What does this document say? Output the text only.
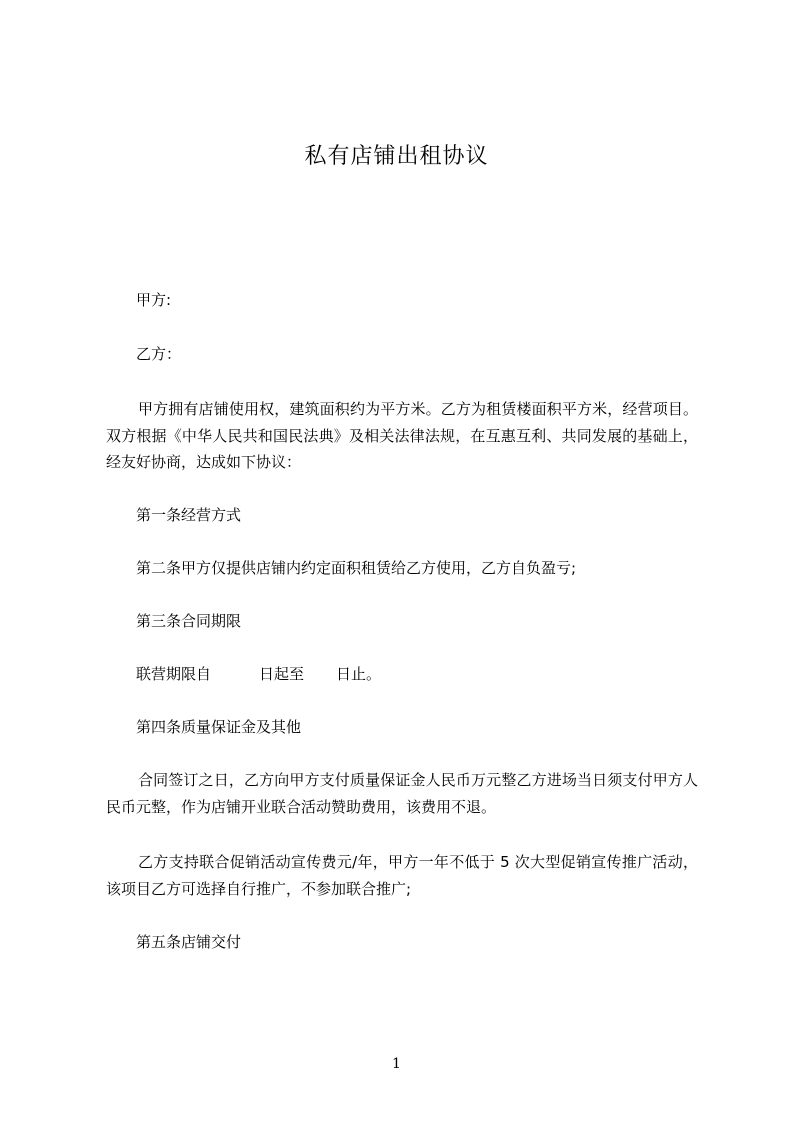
私有店铺出租协议
甲方:
乙方：

甲方拥有店铺使用权，建筑面积约为平方米。乙方为租赁楼面积平方米，经营项目。双方根据《中华人民共和国民法典》及相关法律法规，在互惠互利、共同发展的基础上，经友好协商，达成如下协议：

第一条经营方式
第二条甲方仅提供店铺内约定面积租赁给乙方使用，乙方自负盈亏;
第三条合同期限
联营期限自	日起至 日止。
第四条质量保证金及其他

合同签订之日，乙方向甲方支付质量保证金人民币万元整乙方进场当日须支付甲方人民币元整，作为店铺开业联合活动赞助费用，该费用不退。

乙方支持联合促销活动宣传费元/年，甲方一年不低于 5 次大型促销宣传推广活动，该项目乙方可选择自行推广，不参加联合推广;

第五条店铺交付
1
